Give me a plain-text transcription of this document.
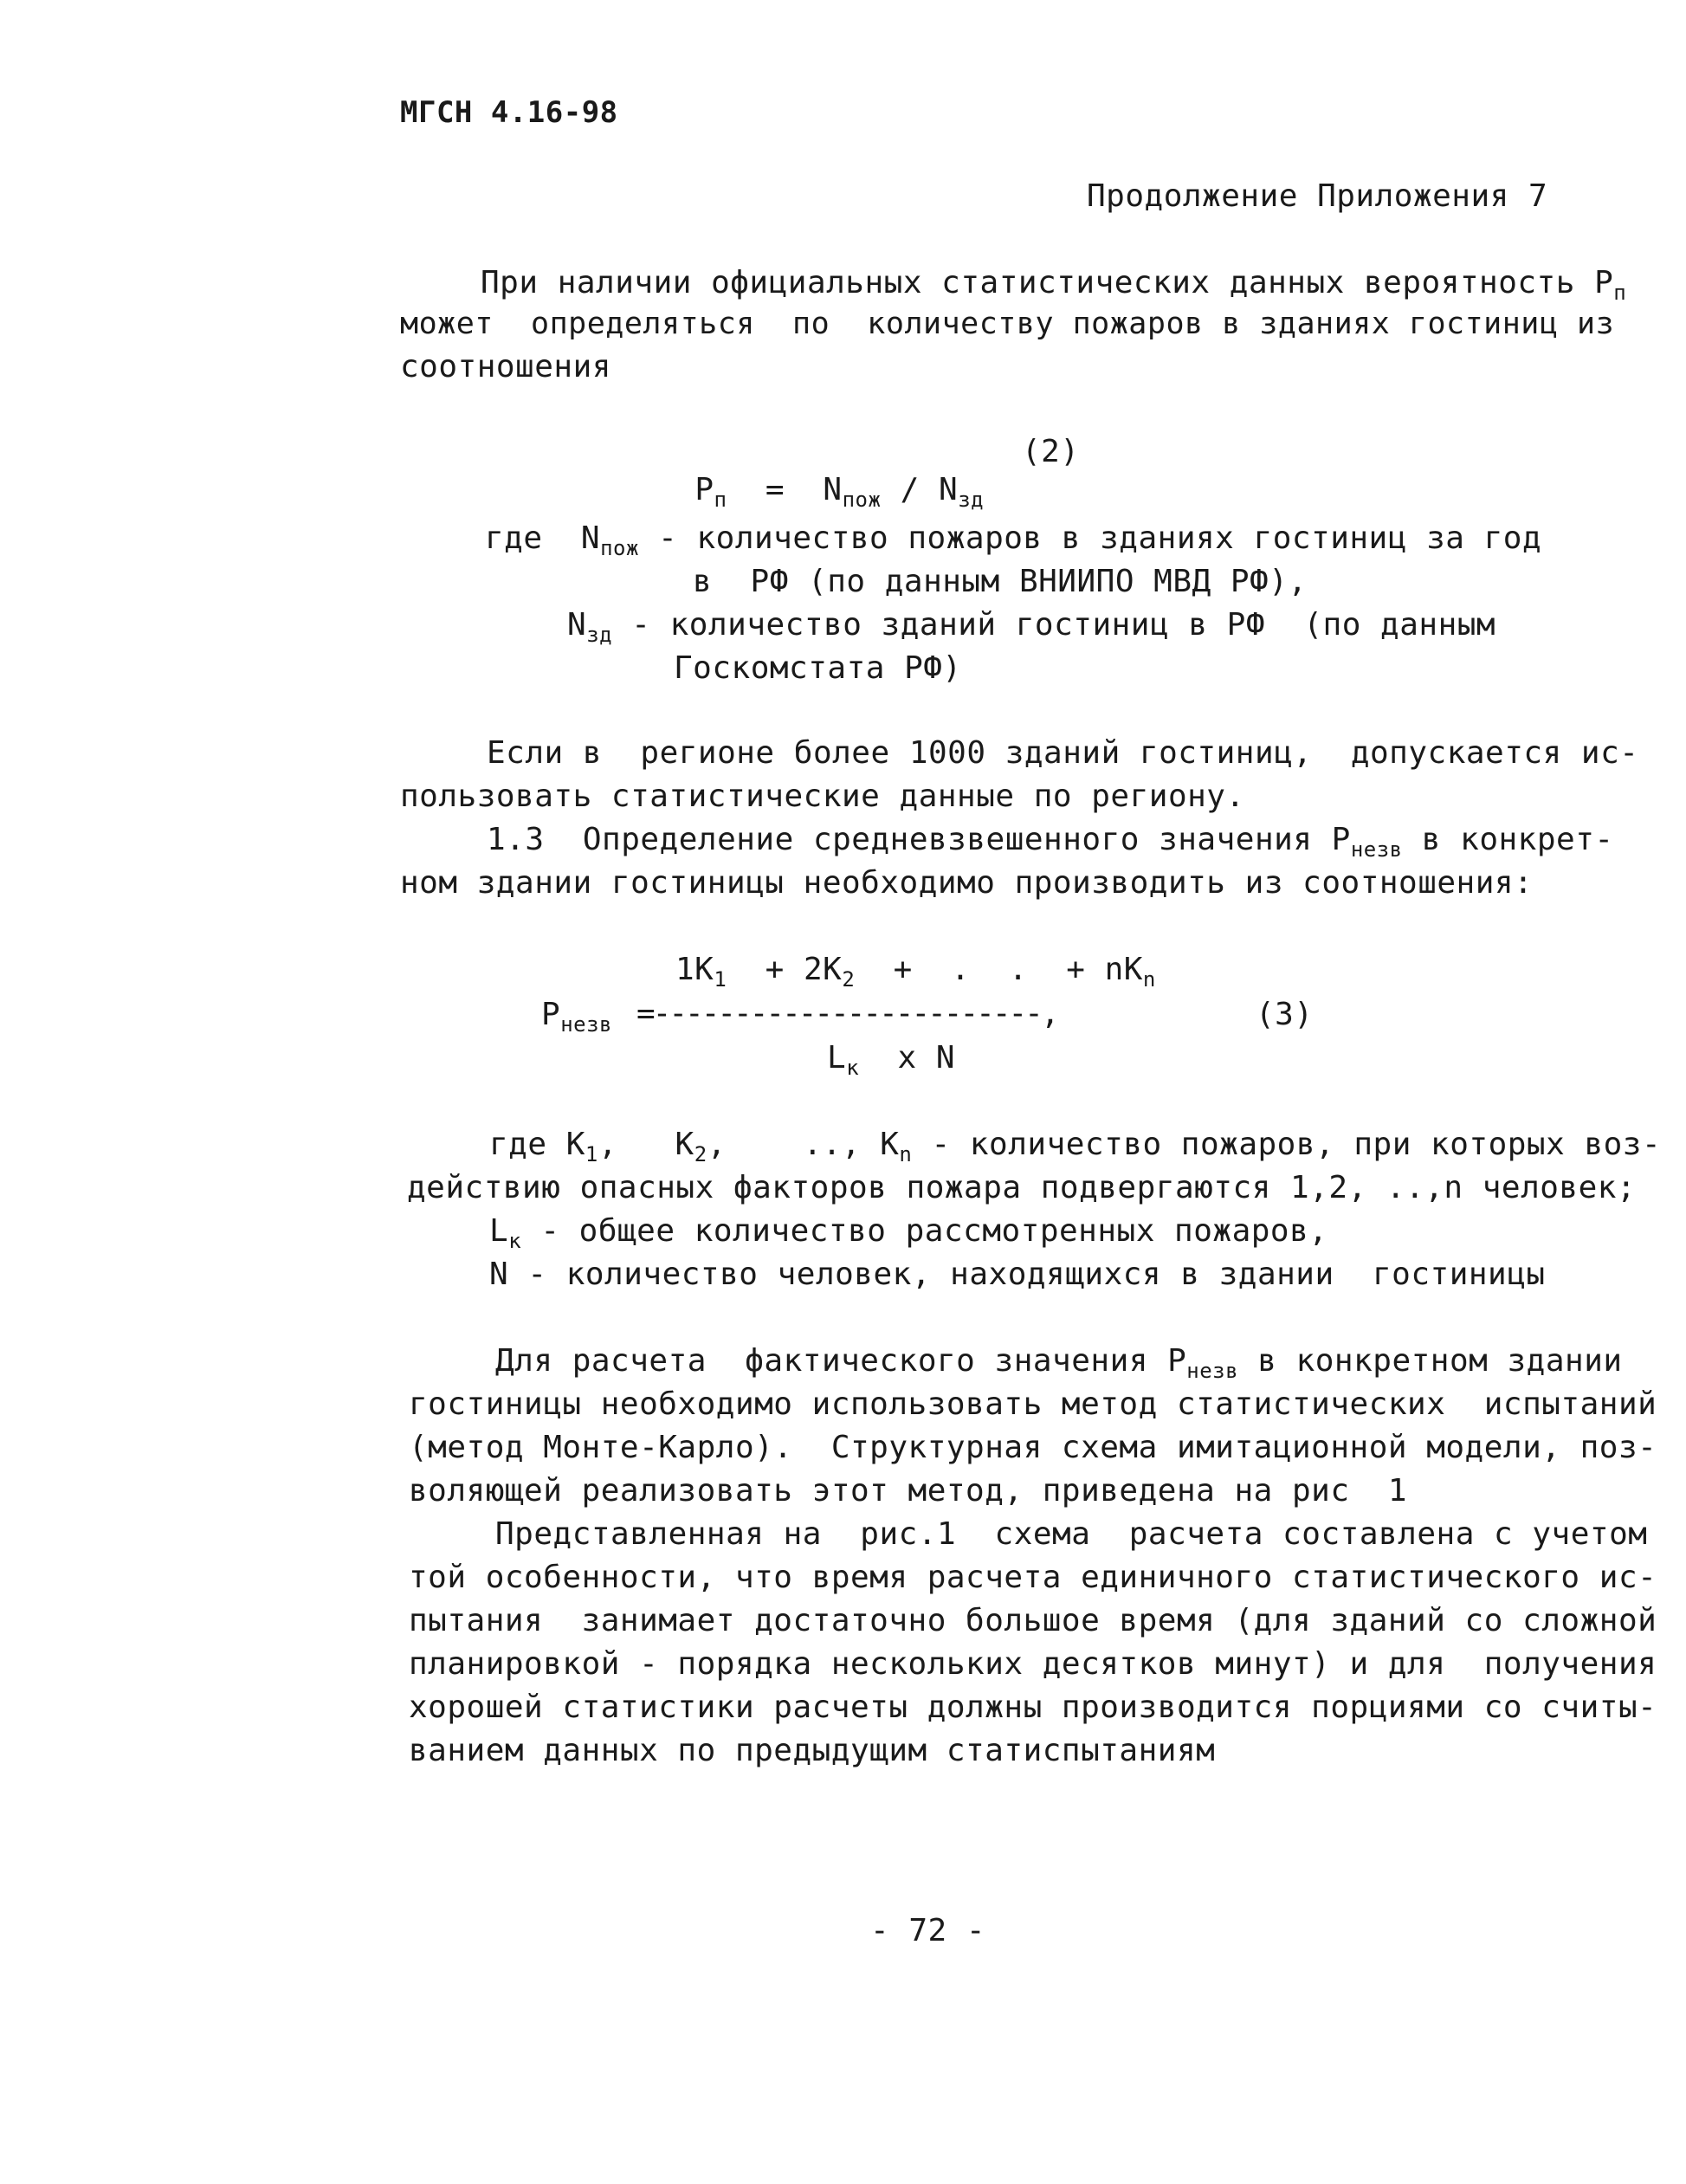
МГСН 4.16-98
Продолжение Приложения 7
При наличии официальных статистических данных вероятность $P_п$
может  определяться  по  количеству пожаров в зданиях гостиниц из
соотношения

$P_п = N_{пож} / N_{зд}$

(2)
где $N_{пож}$ - количество пожаров в зданиях гостиниц за год
в  РФ (по данным ВНИИПО МВД РФ),
$N_{зд}$ - количество зданий гостиниц в РФ  (по данным
Госкомстата РФ)
Если в  регионе более 1000 зданий гостиниц,  допускается ис-
пользовать статистические данные по региону.
1.3  Определение средневзвешенного значения $P_{незв}$ в конкрет-
ном здании гостиницы необходимо производить из соотношения:
$1K_1 + 2K_2$  +  .  .  + $nK_n$
$P_{незв}$ =------------------------,	(3)
$L_к$  x N
где $K_1$,   $K_2$,    .., $K_n$ - количество пожаров, при которых воз-
действию опасных факторов пожара подвергаются 1,2, ..,n человек;
$L_к$ - общее количество рассмотренных пожаров,
N - количество человек, находящихся в здании  гостиницы
Для расчета  фактического значения $P_{незв}$ в конкретном здании
гостиницы необходимо использовать метод статистических  испытаний
(метод Монте-Карло).  Структурная схема имитационной модели, поз-
воляющей реализовать этот метод, приведена на рис  1
Представленная на  рис.1  схема  расчета составлена с учетом
той особенности, что время расчета единичного статистического ис-
пытания  занимает достаточно большое время (для зданий со сложной
планировкой - порядка нескольких десятков минут) и для  получения
хорошей статистики расчеты должны производится порциями со считы-
ванием данных по предыдущим статиспытаниям
- 72 -
